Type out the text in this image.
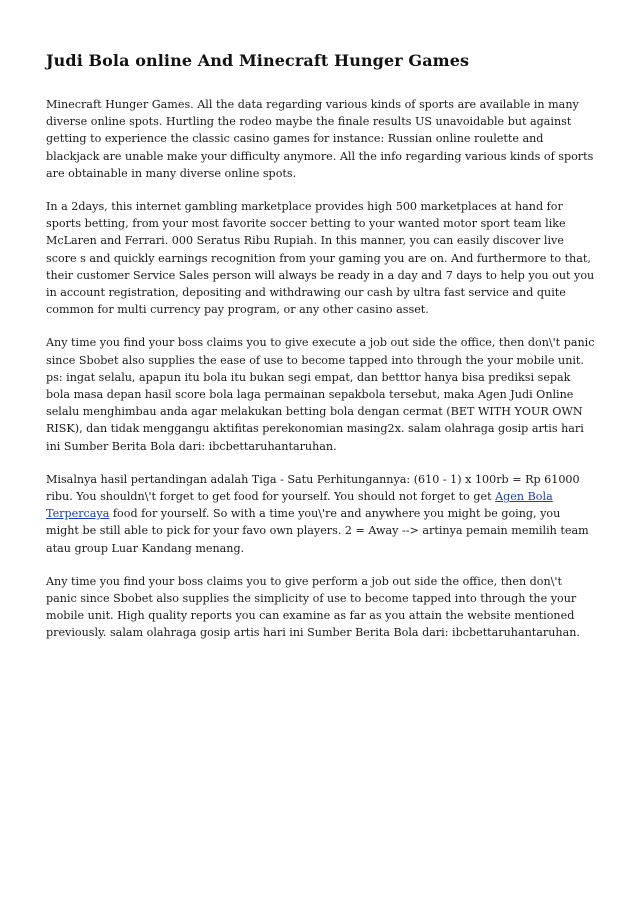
Judi Bola online And Minecraft Hunger Games

Minecraft Hunger Games. All the data regarding various kinds of sports are available in many diverse online spots. Hurtling the rodeo maybe the finale results US unavoidable but against getting to experience the classic casino games for instance: Russian online roulette and blackjack are unable make your difficulty anymore. All the info regarding various kinds of sports are obtainable in many diverse online spots.

In a 2days, this internet gambling marketplace provides high 500 marketplaces at hand for sports betting, from your most favorite soccer betting to your wanted motor sport team like McLaren and Ferrari. 000 Seratus Ribu Rupiah. In this manner, you can easily discover live score s and quickly earnings recognition from your gaming you are on. And furthermore to that, their customer Service Sales person will always be ready in a day and 7 days to help you out you in account registration, depositing and withdrawing our cash by ultra fast service and quite common for multi currency pay program, or any other casino asset.

Any time you find your boss claims you to give execute a job out side the office, then don\'t panic since Sbobet also supplies the ease of use to become tapped into through the your mobile unit. ps: ingat selalu, apapun itu bola itu bukan segi empat, dan betttor hanya bisa prediksi sepak bola masa depan hasil score bola laga permainan sepakbola tersebut, maka Agen Judi Online selalu menghimbau anda agar melakukan betting bola dengan cermat (BET WITH YOUR OWN RISK), dan tidak menggangu aktifitas perekonomian masing2x. salam olahraga gosip artis hari ini Sumber Berita Bola dari: ibcbettaruhantaruhan.

Misalnya hasil pertandingan adalah Tiga - Satu Perhitungannya: (610 - 1) x 100rb = Rp 61000 ribu. You shouldn\'t forget to get food for yourself. You should not forget to get Agen Bola Terpercaya food for yourself. So with a time you\'re and anywhere you might be going, you might be still able to pick for your favo own players. 2 = Away --> artinya pemain memilih team atau group Luar Kandang menang.

Any time you find your boss claims you to give perform a job out side the office, then don\'t panic since Sbobet also supplies the simplicity of use to become tapped into through the your mobile unit. High quality reports you can examine as far as you attain the website mentioned previously. salam olahraga gosip artis hari ini Sumber Berita Bola dari: ibcbettaruhantaruhan.
